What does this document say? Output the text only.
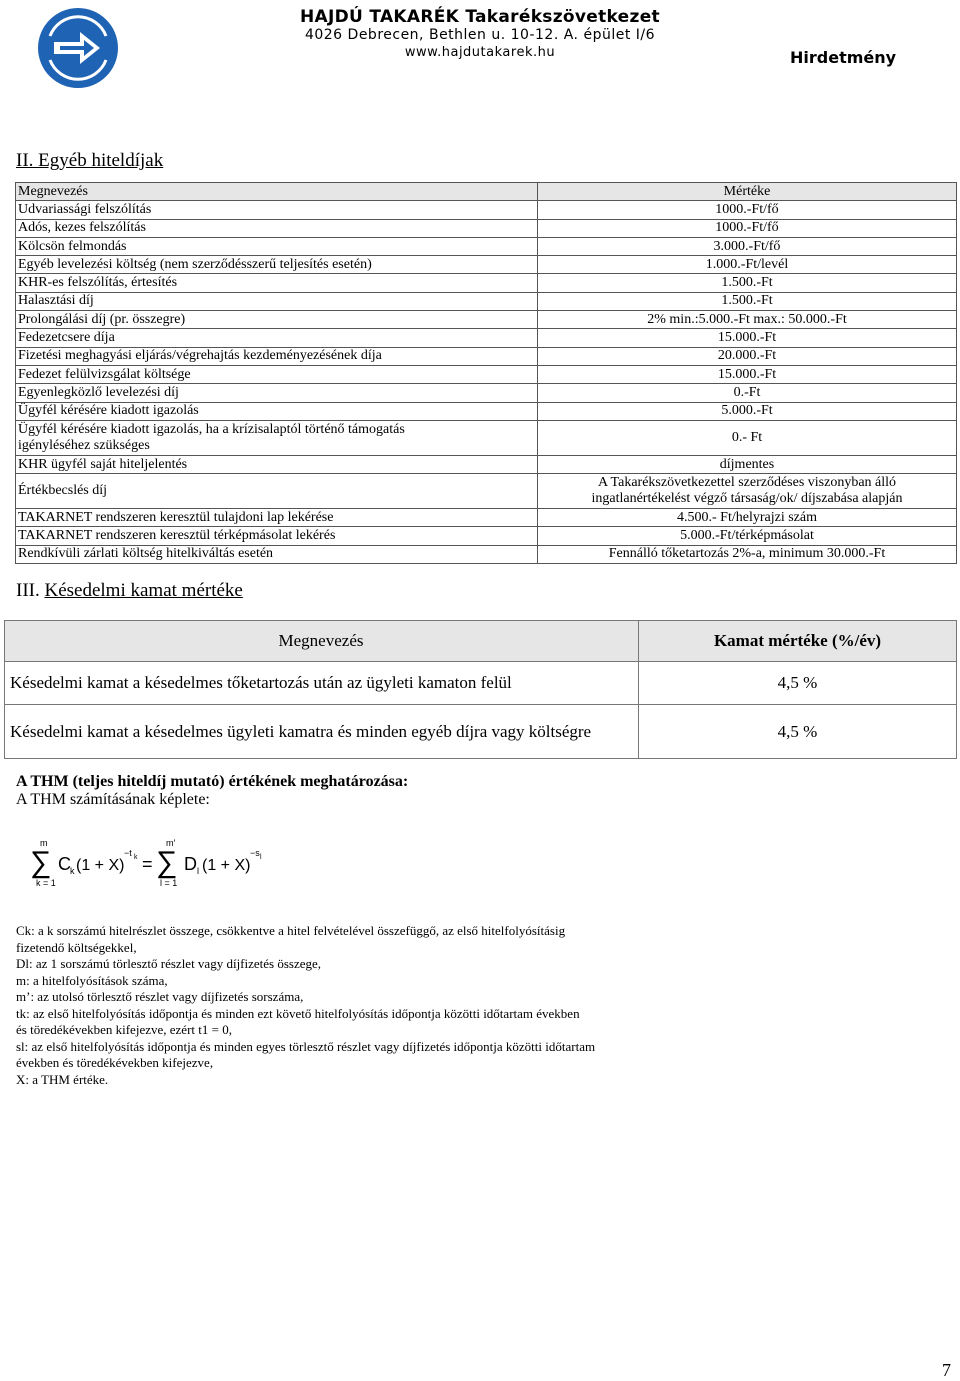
HAJDÚ TAKARÉK Takarékszövetkezet
4026 Debrecen, Bethlen u. 10-12. A. épület I/6
www.hajdutakarek.hu	Hirdetmény
II. Egyéb hiteldíjak
Megnevezés	Mértéke
Udvariassági felszólítás	1000.-Ft/fő
Adós, kezes felszólítás	1000.-Ft/fő
Kölcsön felmondás	3.000.-Ft/fő
Egyéb levelezési költség (nem szerződésszerű teljesítés esetén)	1.000.-Ft/levél
KHR-es felszólítás, értesítés	1.500.-Ft
Halasztási díj	1.500.-Ft
Prolongálási díj (pr. összegre)	2% min.:5.000.-Ft max.: 50.000.-Ft
Fedezetcsere díja	15.000.-Ft
Fizetési meghagyási eljárás/végrehajtás kezdeményezésének díja	20.000.-Ft
Fedezet felülvizsgálat költsége	15.000.-Ft
Egyenlegközlő levelezési díj	0.-Ft
Ügyfél kérésére kiadott igazolás	5.000.-Ft

Ügyfél kérésére kiadott igazolás, ha a krízisalaptól történő támogatás
igényléséhez szükséges	0.- Ft
KHR ügyfél saját hiteljelentés	díjmentes
Értékbecslés díj	A Takarékszövetkezettel szerződéses viszonyban álló
ingatlanértékelést végző társaság/ok/ díjszabása alapján

TAKARNET rendszeren keresztül tulajdoni lap lekérése	4.500.- Ft/helyrajzi szám
TAKARNET rendszeren keresztül térképmásolat lekérés	5.000.-Ft/térképmásolat
Rendkívüli zárlati költség hitelkiváltás esetén	Fennálló tőketartozás 2%-a, minimum 30.000.-Ft
III. Késedelmi kamat mértéke
Megnevezés	Kamat mértéke (%/év)
Késedelmi kamat a késedelmes tőketartozás után az ügyleti kamaton felül	4,5 %
Késedelmi kamat a késedelmes ügyleti kamatra és minden egyéb díjra vagy költségre	4,5 %
A THM (teljes hiteldíj mutató) értékének meghatározása:
A THM számításának képlete:
m
∑
k = 1
C k (1 + X)
−t k =
m′
∑
l = 1
D l (1 + X)
−s l
Ck: a k sorszámú hitelrészlet összege, csökkentve a hitel felvételével összefüggő, az első hitelfolyósításig
fizetendő költségekkel,
Dl: az 1 sorszámú törlesztő részlet vagy díjfizetés összege,
m: a hitelfolyósítások száma,
m’: az utolsó törlesztő részlet vagy díjfizetés sorszáma,
tk: az első hitelfolyósítás időpontja és minden ezt követő hitelfolyósítás időpontja közötti időtartam években
és töredékévekben kifejezve, ezért t1 = 0,
sl: az első hitelfolyósítás időpontja és minden egyes törlesztő részlet vagy díjfizetés időpontja közötti időtartam
években és töredékévekben kifejezve,
X: a THM értéke.
7
